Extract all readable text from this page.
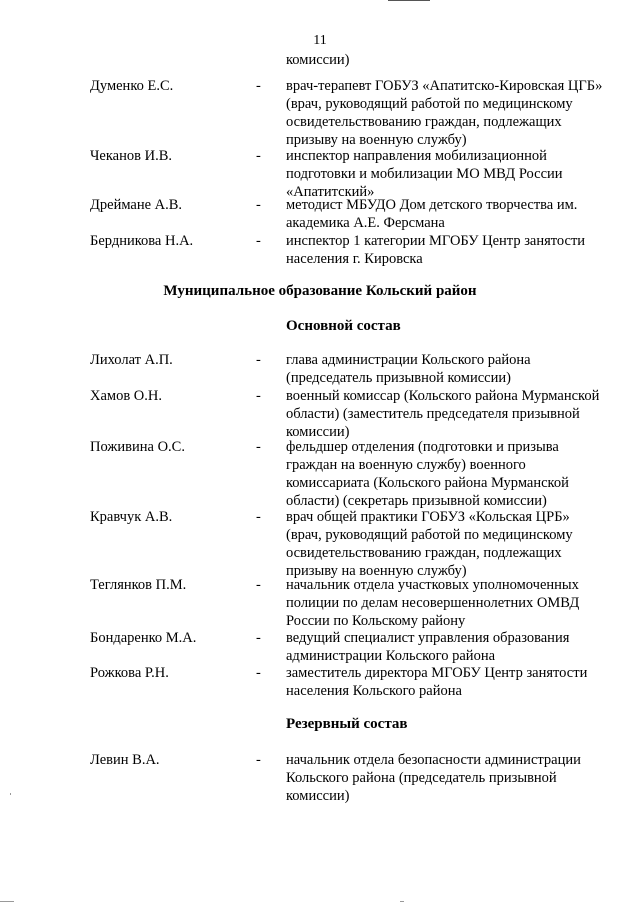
11
комиссии)
Думенко Е.С.	- врач-терапевт ГОБУЗ «Апатитско-Кировская ЦГБ» (врач, руководящий работой по медицинскому освидетельствованию граждан, подлежащих призыву на военную службу)
Чеканов И.В.	- инспектор направления мобилизационной подготовки и мобилизации МО МВД России «Апатитский»
Дреймане А.В.	- методист МБУДО Дом детского творчества им. академика А.Е. Ферсмана
Бердникова Н.А.	- инспектор 1 категории МГОБУ Центр занятости населения г. Кировска
Муниципальное образование Кольский район
Основной состав
Лихолат А.П.	- глава администрации Кольского района (председатель призывной комиссии)
Хамов О.Н.	- военный комиссар (Кольского района Мурманской области) (заместитель председателя призывной комиссии)
Поживина О.С.	- фельдшер отделения (подготовки и призыва граждан на военную службу) военного комиссариата (Кольского района Мурманской области) (секретарь призывной комиссии)
Кравчук А.В.	- врач общей практики ГОБУЗ «Кольская ЦРБ» (врач, руководящий работой по медицинскому освидетельствованию граждан, подлежащих призыву на военную службу)
Теглянков П.М.	- начальник отдела участковых уполномоченных полиции по делам несовершеннолетних ОМВД России по Кольскому району
Бондаренко М.А.	- ведущий специалист управления образования администрации Кольского района
Рожкова Р.Н.	- заместитель директора МГОБУ Центр занятости населения Кольского района
Резервный состав
Левин В.А.	- начальник отдела безопасности администрации Кольского района (председатель призывной комиссии)
